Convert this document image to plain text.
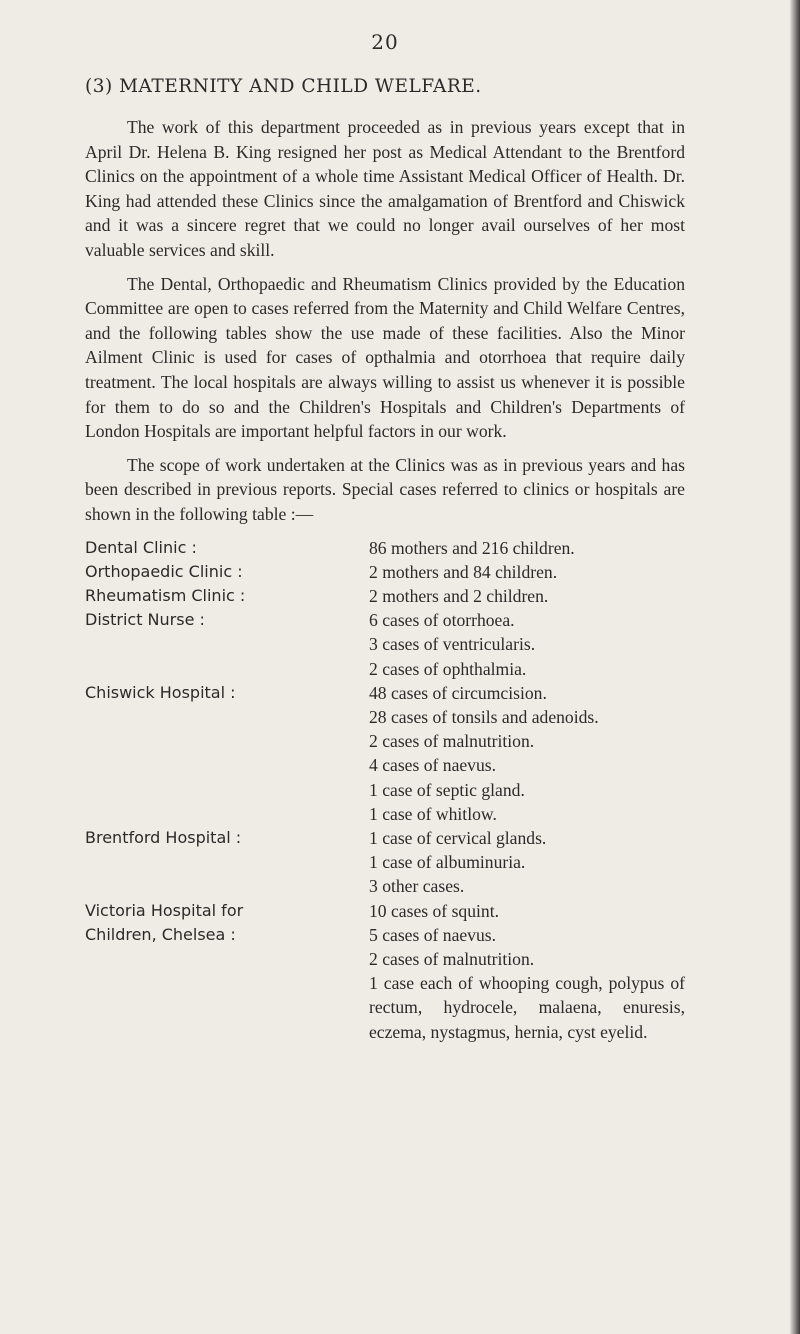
20
(3) MATERNITY AND CHILD WELFARE.

The work of this department proceeded as in previous years except that in April Dr. Helena B. King resigned her post as Medical Attendant to the Brentford Clinics on the appointment of a whole time Assistant Medical Officer of Health. Dr. King had attended these Clinics since the amalgamation of Brentford and Chiswick and it was a sincere regret that we could no longer avail ourselves of her most valuable services and skill.

The Dental, Orthopaedic and Rheumatism Clinics provided by the Education Committee are open to cases referred from the Maternity and Child Welfare Centres, and the following tables show the use made of these facilities. Also the Minor Ailment Clinic is used for cases of opthalmia and otorrhoea that require daily treatment. The local hospitals are always willing to assist us whenever it is possible for them to do so and the Children's Hospitals and Children's Departments of London Hospitals are important helpful factors in our work.

The scope of work undertaken at the Clinics was as in previous years and has been described in previous reports. Special cases referred to clinics or hospitals are shown in the following table :—

Dental Clinic :	86 mothers and 216 children.
Orthopaedic Clinic :	2 mothers and 84 children.
Rheumatism Clinic :	2 mothers and 2 children.
District Nurse :	6 cases of otorrhoea.
3 cases of ventricularis.
2 cases of ophthalmia.
Chiswick Hospital :	48 cases of circumcision.
28 cases of tonsils and adenoids.
2 cases of malnutrition.
4 cases of naevus.
1 case of septic gland.
1 case of whitlow.
Brentford Hospital :	1 case of cervical glands.
1 case of albuminuria.
3 other cases.
Victoria Hospital for	10 cases of squint.
Children, Chelsea :	5 cases of naevus.
2 cases of malnutrition.
1 case each of whooping cough, polypus of rectum, hydrocele, malaena, enuresis, eczema, nystagmus, hernia, cyst eyelid.
